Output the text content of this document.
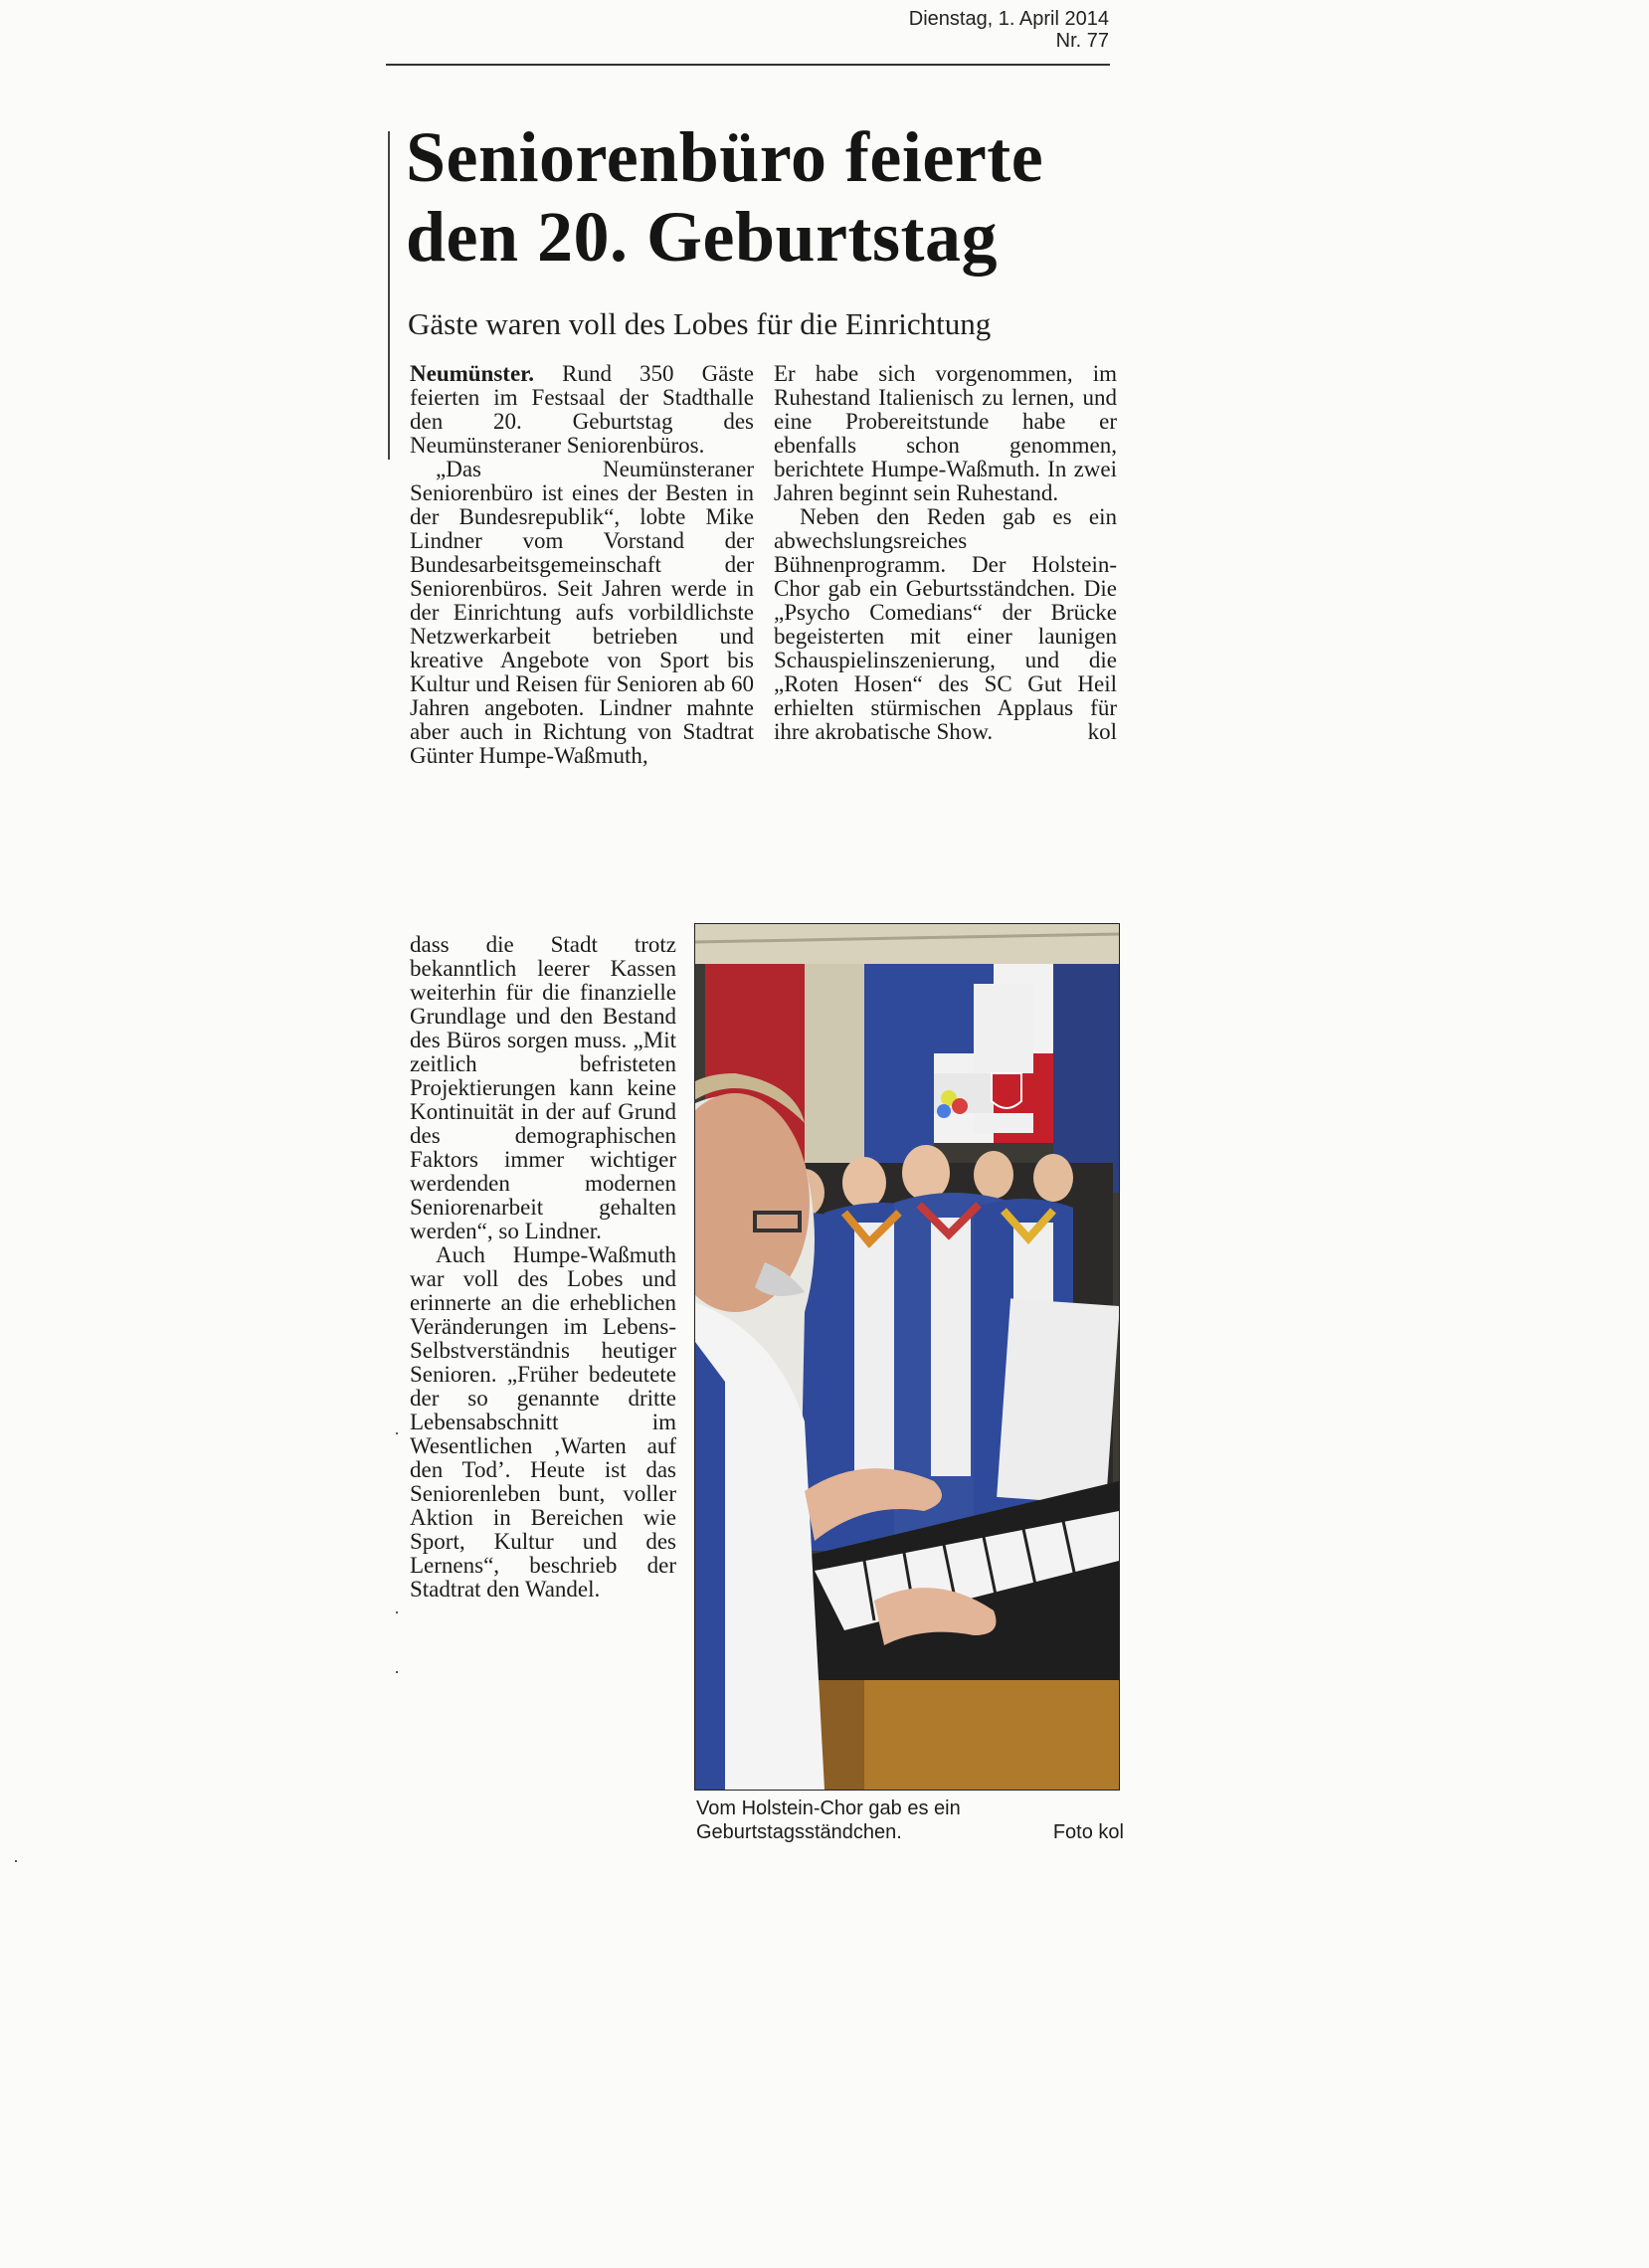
Dienstag, 1. April 2014
Nr. 77
Seniorenbüro feierte den 20. Geburtstag
Gäste waren voll des Lobes für die Einrichtung

Neumünster. Rund 350 Gäste feierten im Festsaal der Stadthalle den 20. Geburtstag des Neumünsteraner Seniorenbüros.

„Das Neumünsteraner Seniorenbüro ist eines der Besten in der Bundesrepublik“, lobte Mike Lindner vom Vorstand der Bundesarbeitsgemeinschaft der Seniorenbüros. Seit Jahren werde in der Einrichtung aufs vorbildlichste Netzwerkarbeit betrieben und kreative Angebote von Sport bis Kultur und Reisen für Senioren ab 60 Jahren angeboten. Lindner mahnte aber auch in Richtung von Stadtrat Günter Humpe-Waßmuth,

Er habe sich vorgenommen, im Ruhestand Italienisch zu lernen, und eine Probereitstunde habe er ebenfalls schon genommen, berichtete Humpe-Waßmuth. In zwei Jahren beginnt sein Ruhestand.

Neben den Reden gab es ein abwechslungsreiches Bühnenprogramm. Der Holstein-Chor gab ein Geburtsständchen. Die „Psycho Comedians“ der Brücke begeisterten mit einer launigen Schauspielinszenierung, und die „Roten Hosen“ des SC Gut Heil erhielten stürmischen Applaus für ihre akrobatische Show.	kol

dass die Stadt trotz bekanntlich leerer Kassen weiterhin für die finanzielle Grundlage und den Bestand des Büros sorgen muss. „Mit zeitlich befristeten Projektierungen kann keine Kontinuität in der auf Grund des demographischen Faktors immer wichtiger werdenden modernen Seniorenarbeit gehalten werden“, so Lindner.

Auch Humpe-Waßmuth war voll des Lobes und erinnerte an die erheblichen Veränderungen im Lebens-Selbstverständnis heutiger Senioren. „Früher bedeutete der so genannte dritte Lebensabschnitt im Wesentlichen ‚Warten auf den Tod’. Heute ist das Seniorenleben bunt, voller Aktion in Bereichen wie Sport, Kultur und des Lernens“, beschrieb der Stadtrat den Wandel.

Vom Holstein-Chor gab es ein Geburtstagsständchen.	Foto kol
